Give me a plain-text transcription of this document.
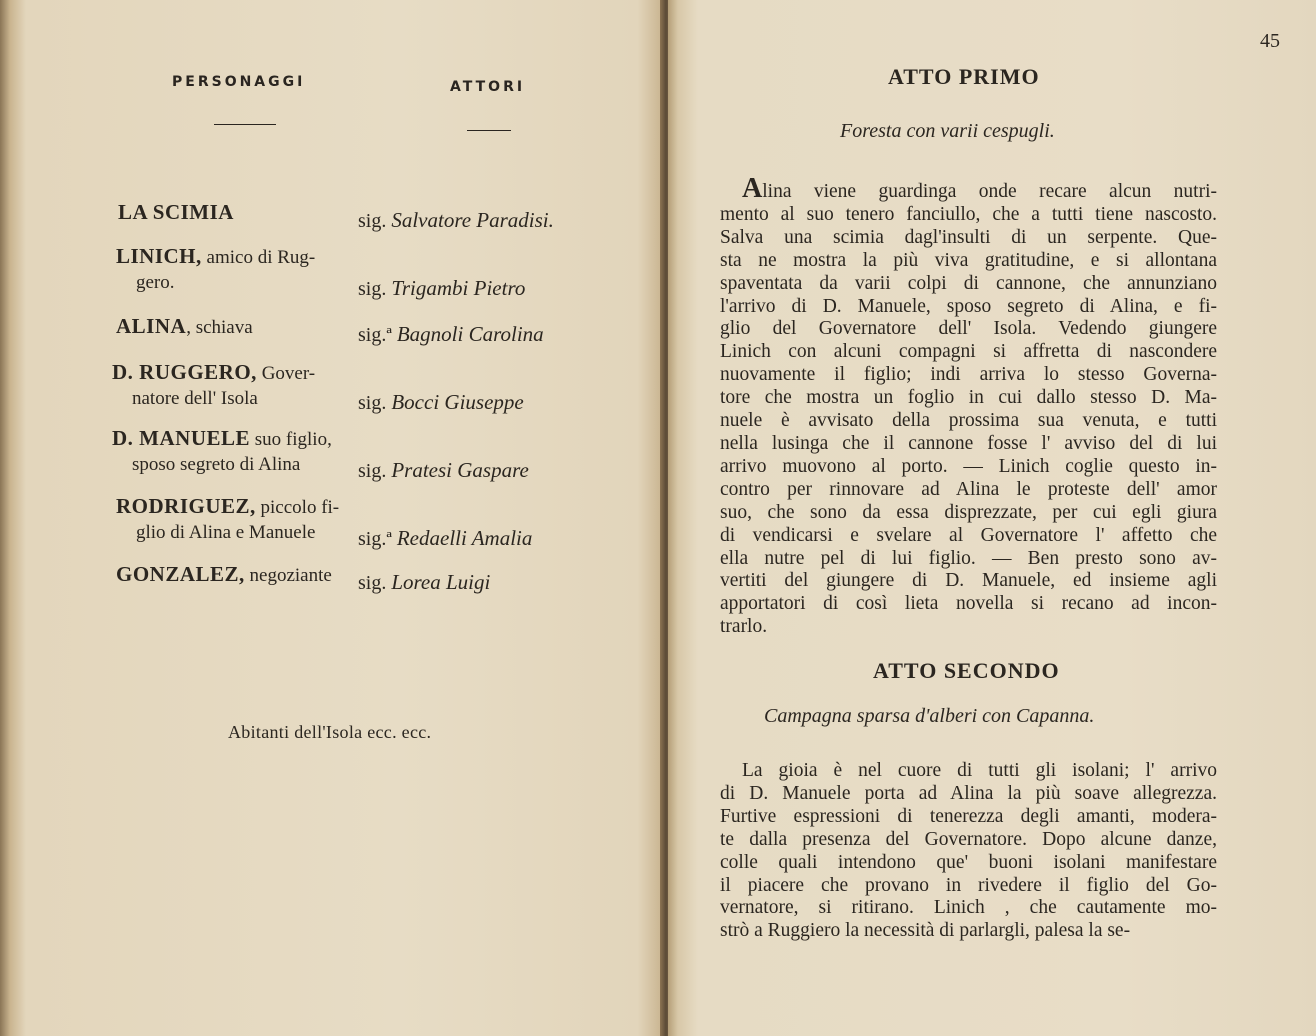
PERSONAGGI	ATTORI
LA SCIMIA	sig. Salvatore Paradisi.
LINICH, amico di Rug-
gero.	sig. Trigambi Pietro
ALINA, schiava	sig.ª Bagnoli Carolina
D. RUGGERO, Gover-
natore dell' Isola	sig. Bocci Giuseppe
D. MANUELE suo figlio,
sposo segreto di Alina	sig. Pratesi Gaspare
RODRIGUEZ, piccolo fi-
glio di Alina e Manuele	sig.ª Redaelli Amalia
GONZALEZ, negoziante sig. Lorea Luigi
Abitanti dell'Isola ecc. ecc.
45
ATTO PRIMO
Foresta con varii cespugli.
Alina viene guardinga onde recare alcun nutri-
mento al suo tenero fanciullo, che a tutti tiene nascosto.
Salva una scimia dagl'insulti di un serpente. Que-
sta ne mostra la più viva gratitudine, e si allontana
spaventata da varii colpi di cannone, che annunziano
l'arrivo di D. Manuele, sposo segreto di Alina, e fi-
glio del Governatore dell' Isola. Vedendo giungere
Linich con alcuni compagni si affretta di nascondere
nuovamente il figlio; indi arriva lo stesso Governa-
tore che mostra un foglio in cui dallo stesso D. Ma-
nuele è avvisato della prossima sua venuta, e tutti
nella lusinga che il cannone fosse l' avviso del di lui
arrivo muovono al porto. — Linich coglie questo in-
contro per rinnovare ad Alina le proteste dell' amor
suo, che sono da essa disprezzate, per cui egli giura
di vendicarsi e svelare al Governatore l' affetto che
ella nutre pel di lui figlio. — Ben presto sono av-
vertiti del giungere di D. Manuele, ed insieme agli
apportatori di così lieta novella si recano ad incon-
trarlo.
ATTO SECONDO
Campagna sparsa d'alberi con Capanna.
La gioia è nel cuore di tutti gli isolani; l' arrivo
di D. Manuele porta ad Alina la più soave allegrezza.
Furtive espressioni di tenerezza degli amanti, modera-
te dalla presenza del Governatore. Dopo alcune danze,
colle quali intendono que' buoni isolani manifestare
il piacere che provano in rivedere il figlio del Go-
vernatore, si ritirano. Linich , che cautamente mo-
strò a Ruggiero la necessità di parlargli, palesa la se-
